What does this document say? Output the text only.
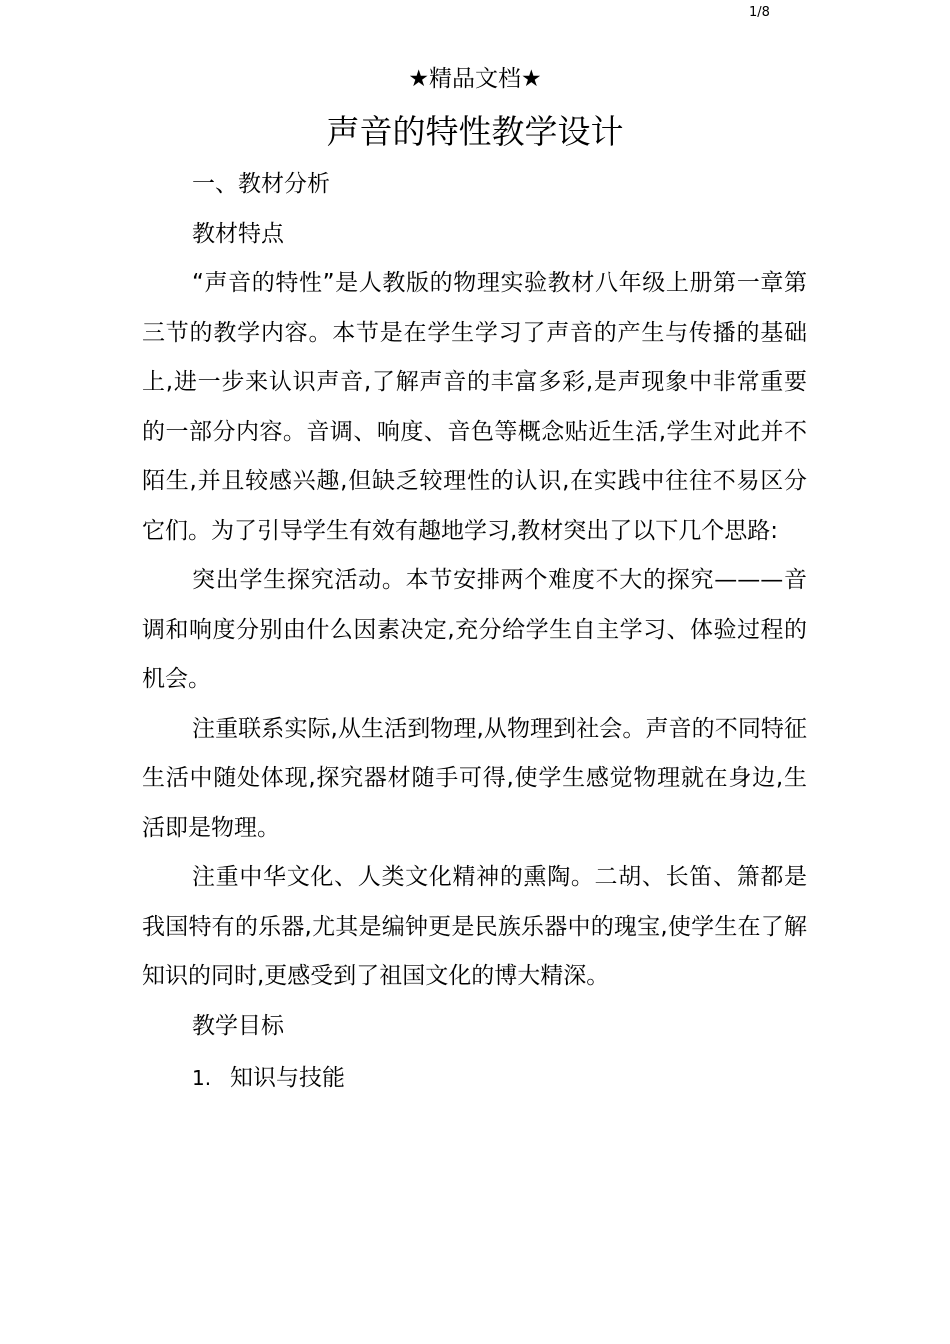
1/8
★精品文档★
声音的特性教学设计

一、教材分析

教材特点

“声音的特性”是人教版的物理实验教材八年级上册第一章第三节的教学内容。本节是在学生学习了声音的产生与传播的基础上,进一步来认识声音,了解声音的丰富多彩,是声现象中非常重要的一部分内容。音调、响度、音色等概念贴近生活,学生对此并不陌生,并且较感兴趣,但缺乏较理性的认识,在实践中往往不易区分它们。为了引导学生有效有趣地学习,教材突出了以下几个思路:

突出学生探究活动。本节安排两个难度不大的探究———音调和响度分别由什么因素决定,充分给学生自主学习、体验过程的机会。

注重联系实际,从生活到物理,从物理到社会。声音的不同特征生活中随处体现,探究器材随手可得,使学生感觉物理就在身边,生活即是物理。

注重中华文化、人类文化精神的熏陶。二胡、长笛、箫都是我国特有的乐器,尤其是编钟更是民族乐器中的瑰宝,使学生在了解知识的同时,更感受到了祖国文化的博大精深。

教学目标

1. 知识与技能
